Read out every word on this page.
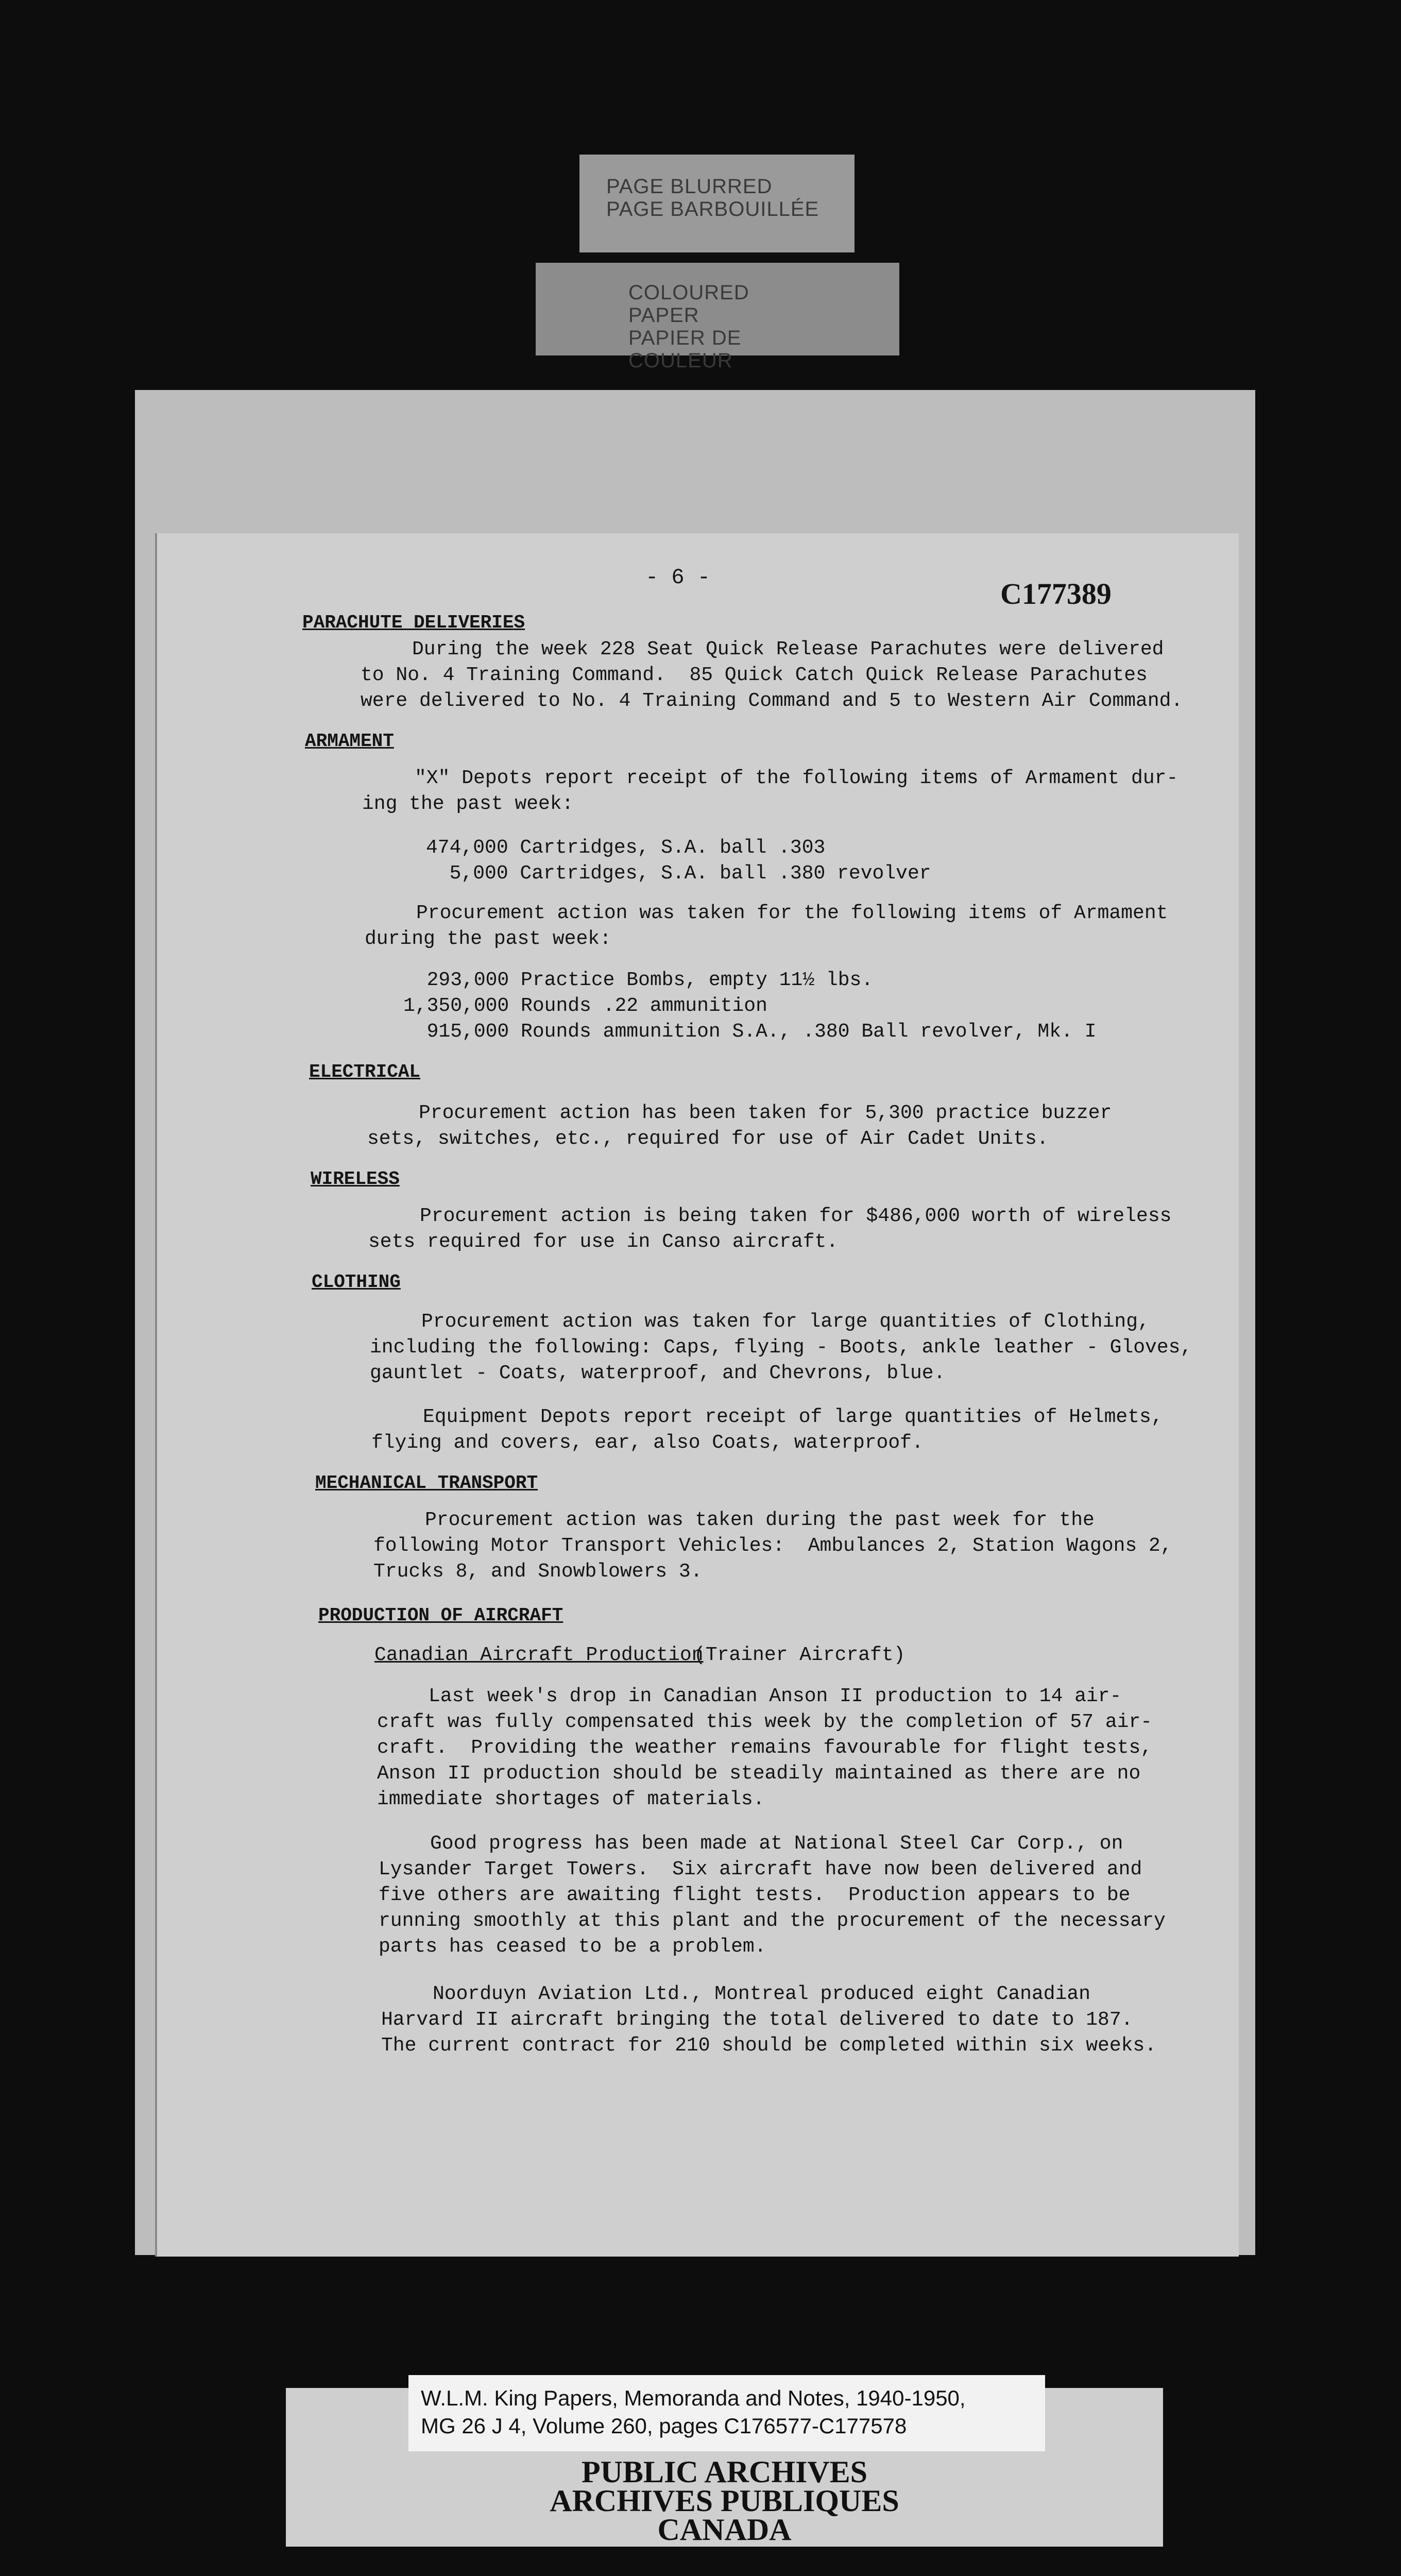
PAGE BLURRED
PAGE BARBOUILLÉE
COLOURED PAPER
PAPIER DE COULEUR
- 6 -	C177389
PARACHUTE DELIVERIES
During the week 228 Seat Quick Release Parachutes were delivered
to No. 4 Training Command.  85 Quick Catch Quick Release Parachutes
were delivered to No. 4 Training Command and 5 to Western Air Command.
ARMAMENT
"X" Depots report receipt of the following items of Armament dur-
ing the past week:
474,000 Cartridges, S.A. ball .303
5,000 Cartridges, S.A. ball .380 revolver
Procurement action was taken for the following items of Armament
during the past week:
293,000 Practice Bombs, empty 11½ lbs.
1,350,000 Rounds .22 ammunition
915,000 Rounds ammunition S.A., .380 Ball revolver, Mk. I
ELECTRICAL
Procurement action has been taken for 5,300 practice buzzer
sets, switches, etc., required for use of Air Cadet Units.
WIRELESS
Procurement action is being taken for $486,000 worth of wireless
sets required for use in Canso aircraft.
CLOTHING
Procurement action was taken for large quantities of Clothing,
including the following: Caps, flying - Boots, ankle leather - Gloves,
gauntlet - Coats, waterproof, and Chevrons, blue.
Equipment Depots report receipt of large quantities of Helmets,
flying and covers, ear, also Coats, waterproof.
MECHANICAL TRANSPORT
Procurement action was taken during the past week for the
following Motor Transport Vehicles:  Ambulances 2, Station Wagons 2,
Trucks 8, and Snowblowers 3.
PRODUCTION OF AIRCRAFT
Canadian Aircraft Production
(Trainer Aircraft)
Last week's drop in Canadian Anson II production to 14 air-
craft was fully compensated this week by the completion of 57 air-
craft.  Providing the weather remains favourable for flight tests,
Anson II production should be steadily maintained as there are no
immediate shortages of materials.
Good progress has been made at National Steel Car Corp., on
Lysander Target Towers.  Six aircraft have now been delivered and
five others are awaiting flight tests.  Production appears to be
running smoothly at this plant and the procurement of the necessary
parts has ceased to be a problem.
Noorduyn Aviation Ltd., Montreal produced eight Canadian
Harvard II aircraft bringing the total delivered to date to 187.
The current contract for 210 should be completed within six weeks.
W.L.M. King Papers, Memoranda and Notes, 1940-1950,
MG 26 J 4, Volume 260, pages C176577-C177578
PUBLIC ARCHIVES
ARCHIVES PUBLIQUES
CANADA
